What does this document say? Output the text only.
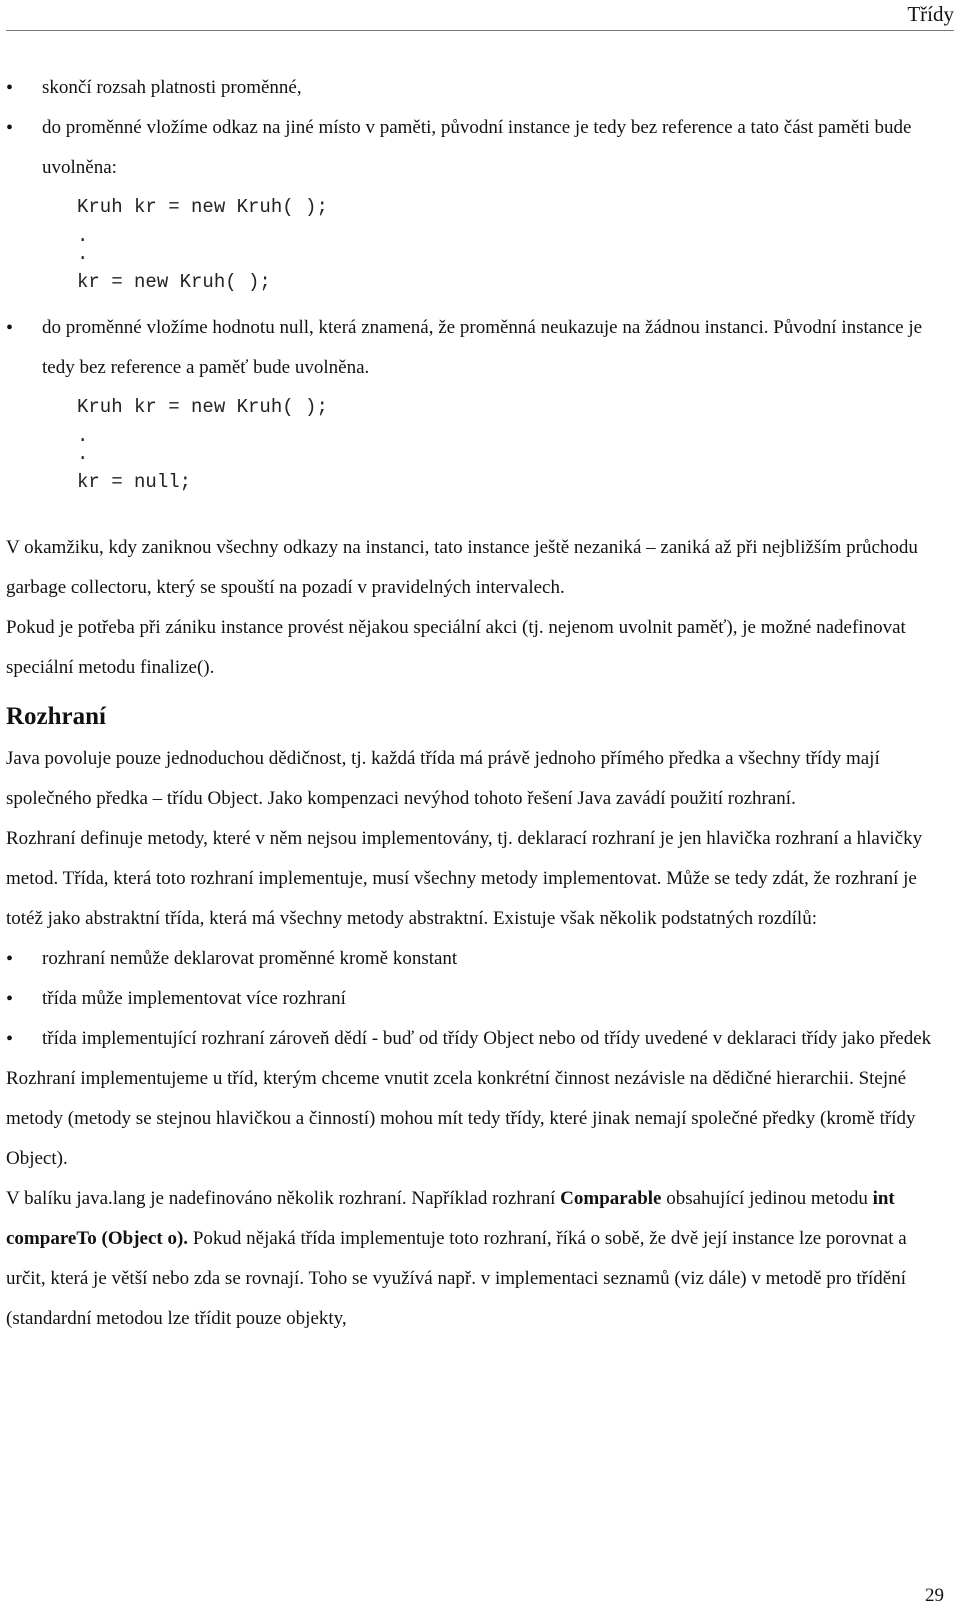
Třídy
• skončí rozsah platnosti proměnné,
• do proměnné vložíme odkaz na jiné místo v paměti, původní instance je tedy bez reference a tato část paměti bude uvolněna:
Kruh kr = new Kruh( );
.
.
kr = new Kruh( );
• do proměnné vložíme hodnotu null, která znamená, že proměnná neukazuje na žádnou instanci. Původní instance je tedy bez reference a paměť bude uvolněna.
Kruh kr = new Kruh( );
.
.
kr = null;
V okamžiku, kdy zaniknou všechny odkazy na instanci, tato instance ještě nezaniká – zaniká až při nejbližším průchodu garbage collectoru, který se spouští na pozadí v pravidelných intervalech.
Pokud je potřeba při zániku instance provést nějakou speciální akci (tj. nejenom uvolnit paměť), je možné nadefinovat speciální metodu finalize().
Rozhraní
Java povoluje pouze jednoduchou dědičnost, tj. každá třída má právě jednoho přímého předka a všechny třídy mají společného předka – třídu Object. Jako kompenzaci nevýhod tohoto řešení Java zavádí použití rozhraní.
Rozhraní definuje metody, které v něm nejsou implementovány, tj. deklarací rozhraní je jen hlavička rozhraní a hlavičky metod. Třída, která toto rozhraní implementuje, musí všechny metody implementovat. Může se tedy zdát, že rozhraní je totéž jako abstraktní třída, která má všechny metody abstraktní. Existuje však několik podstatných rozdílů:
• rozhraní nemůže deklarovat proměnné kromě konstant
• třída může implementovat více rozhraní
• třída implementující rozhraní zároveň dědí - buď od třídy Object nebo od třídy uvedené v deklaraci třídy jako předek
Rozhraní implementujeme u tříd, kterým chceme vnutit zcela konkrétní činnost nezávisle na dědičné hierarchii. Stejné metody (metody se stejnou hlavičkou a činností) mohou mít tedy třídy, které jinak nemají společné předky (kromě třídy Object).
V balíku java.lang je nadefinováno několik rozhraní. Například rozhraní Comparable obsahující jedinou metodu int compareTo (Object o). Pokud nějaká třída implementuje toto rozhraní, říká o sobě, že dvě její instance lze porovnat a určit, která je větší nebo zda se rovnají. Toho se využívá např. v implementaci seznamů (viz dále) v metodě pro třídění (standardní metodou lze třídit pouze objekty,
29
